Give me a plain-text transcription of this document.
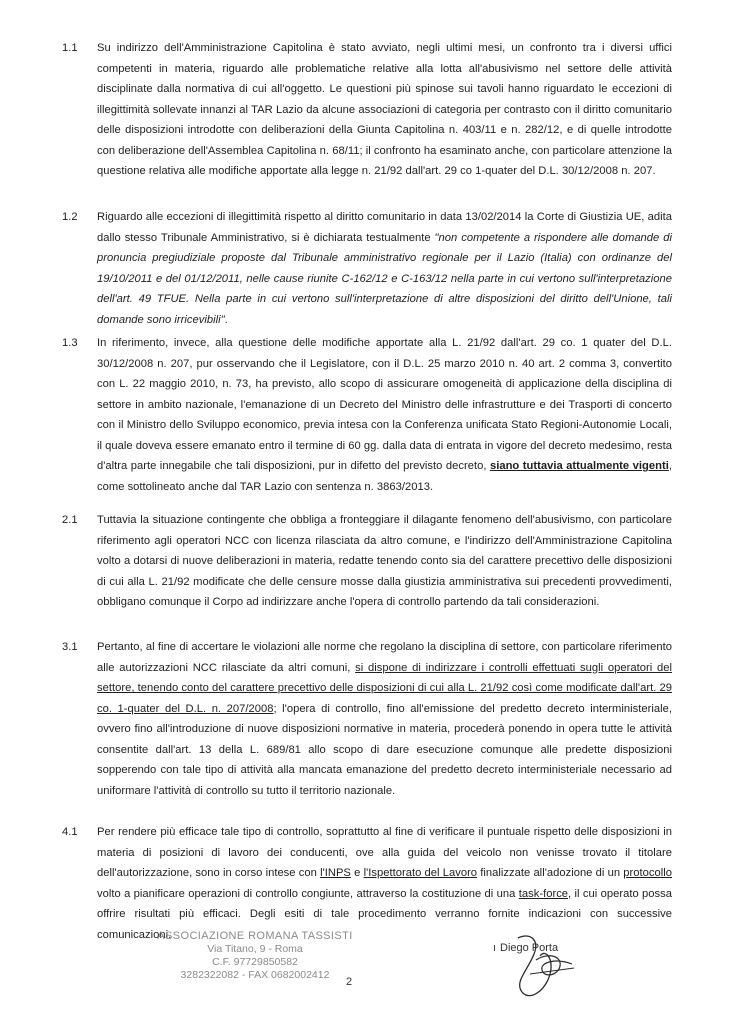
1.1 Su indirizzo dell'Amministrazione Capitolina è stato avviato, negli ultimi mesi, un confronto tra i diversi uffici competenti in materia, riguardo alle problematiche relative alla lotta all'abusivismo nel settore delle attività disciplinate dalla normativa di cui all'oggetto. Le questioni più spinose sui tavoli hanno riguardato le eccezioni di illegittimità sollevate innanzi al TAR Lazio da alcune associazioni di categoria per contrasto con il diritto comunitario delle disposizioni introdotte con deliberazioni della Giunta Capitolina n. 403/11 e n. 282/12, e di quelle introdotte con deliberazione dell'Assemblea Capitolina n. 68/11; il confronto ha esaminato anche, con particolare attenzione la questione relativa alle modifiche apportate alla legge n. 21/92 dall'art. 29 co 1-quater del D.L. 30/12/2008 n. 207.

1.2 Riguardo alle eccezioni di illegittimità rispetto al diritto comunitario in data 13/02/2014 la Corte di Giustizia UE, adita dallo stesso Tribunale Amministrativo, si è dichiarata testualmente "non competente a rispondere alle domande di pronuncia pregiudiziale proposte dal Tribunale amministrativo regionale per il Lazio (Italia) con ordinanze del 19/10/2011 e del 01/12/2011, nelle cause riunite C-162/12 e C-163/12 nella parte in cui vertono sull'interpretazione dell'art. 49 TFUE. Nella parte in cui vertono sull'interpretazione di altre disposizioni del diritto dell'Unione, tali domande sono irricevibili".

1.3 In riferimento, invece, alla questione delle modifiche apportate alla L. 21/92 dall'art. 29 co. 1 quater del D.L. 30/12/2008 n. 207, pur osservando che il Legislatore, con il D.L. 25 marzo 2010 n. 40 art. 2 comma 3, convertito con L. 22 maggio 2010, n. 73, ha previsto, allo scopo di assicurare omogeneità di applicazione della disciplina di settore in ambito nazionale, l'emanazione di un Decreto del Ministro delle infrastrutture e dei Trasporti di concerto con il Ministro dello Sviluppo economico, previa intesa con la Conferenza unificata Stato Regioni-Autonomie Locali, il quale doveva essere emanato entro il termine di 60 gg. dalla data di entrata in vigore del decreto medesimo, resta d'altra parte innegabile che tali disposizioni, pur in difetto del previsto decreto, siano tuttavia attualmente vigenti, come sottolineato anche dal TAR Lazio con sentenza n. 3863/2013.

2.1 Tuttavia la situazione contingente che obbliga a fronteggiare il dilagante fenomeno dell'abusivismo, con particolare riferimento agli operatori NCC con licenza rilasciata da altro comune, e l'indirizzo dell'Amministrazione Capitolina volto a dotarsi di nuove deliberazioni in materia, redatte tenendo conto sia del carattere precettivo delle disposizioni di cui alla L. 21/92 modificate che delle censure mosse dalla giustizia amministrativa sui precedenti provvedimenti, obbligano comunque il Corpo ad indirizzare anche l'opera di controllo partendo da tali considerazioni.

3.1 Pertanto, al fine di accertare le violazioni alle norme che regolano la disciplina di settore, con particolare riferimento alle autorizzazioni NCC rilasciate da altri comuni, si dispone di indirizzare i controlli effettuati sugli operatori del settore, tenendo conto del carattere precettivo delle disposizioni di cui alla L. 21/92 così come modificate dall'art. 29 co. 1-quater del D.L. n. 207/2008; l'opera di controllo, fino all'emissione del predetto decreto interministeriale, ovvero fino all'introduzione di nuove disposizioni normative in materia, procederà ponendo in opera tutte le attività consentite dall'art. 13 della L. 689/81 allo scopo di dare esecuzione comunque alle predette disposizioni sopperendo con tale tipo di attività alla mancata emanazione del predetto decreto interministeriale necessario ad uniformare l'attività di controllo su tutto il territorio nazionale.

4.1 Per rendere più efficace tale tipo di controllo, soprattutto al fine di verificare il puntuale rispetto delle disposizioni in materia di posizioni di lavoro dei conducenti, ove alla guida del veicolo non venisse trovato il titolare dell'autorizzazione, sono in corso intese con l'INPS e l'Ispettorato del Lavoro finalizzate all'adozione di un protocollo volto a pianificare operazioni di controllo congiunte, attraverso la costituzione di una task-force, il cui operato possa offrire risultati più efficaci. Degli esiti di tale procedimento verranno fornite indicazioni con successive comunicazioni.

ASSOCIAZIONE ROMANA TASSISTI
Via Titano, 9 - Roma
C.F. 97729850582
3282322082 - FAX 0682002412
2
ı Diego Porta
